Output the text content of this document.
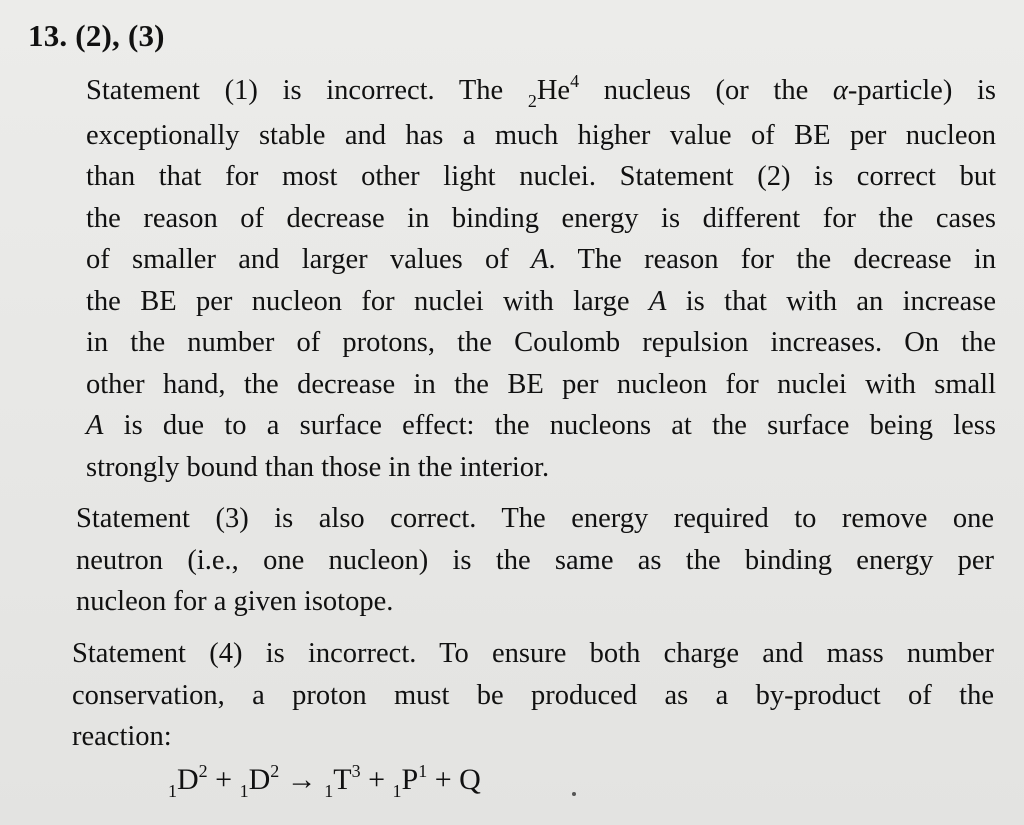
13. (2), (3)
Statement (1) is incorrect. The $_2He^4$ nucleus (or the α-particle) is
exceptionally stable and has a much higher value of BE per nucleon
than that for most other light nuclei. Statement (2) is correct but
the reason of decrease in binding energy is different for the cases
of smaller and larger values of A. The reason for the decrease in
the BE per nucleon for nuclei with large A is that with an increase
in the number of protons, the Coulomb repulsion increases. On the
other hand, the decrease in the BE per nucleon for nuclei with small
A is due to a surface effect: the nucleons at the surface being less
strongly bound than those in the interior.
Statement (3) is also correct. The energy required to remove one
neutron (i.e., one nucleon) is the same as the binding energy per
nucleon for a given isotope.
Statement (4) is incorrect. To ensure both charge and mass number
conservation, a proton must be produced as a by-product of the
reaction:
$_1D^2 + _1D^2 \to _1T^3 + _1P^1 + Q$
